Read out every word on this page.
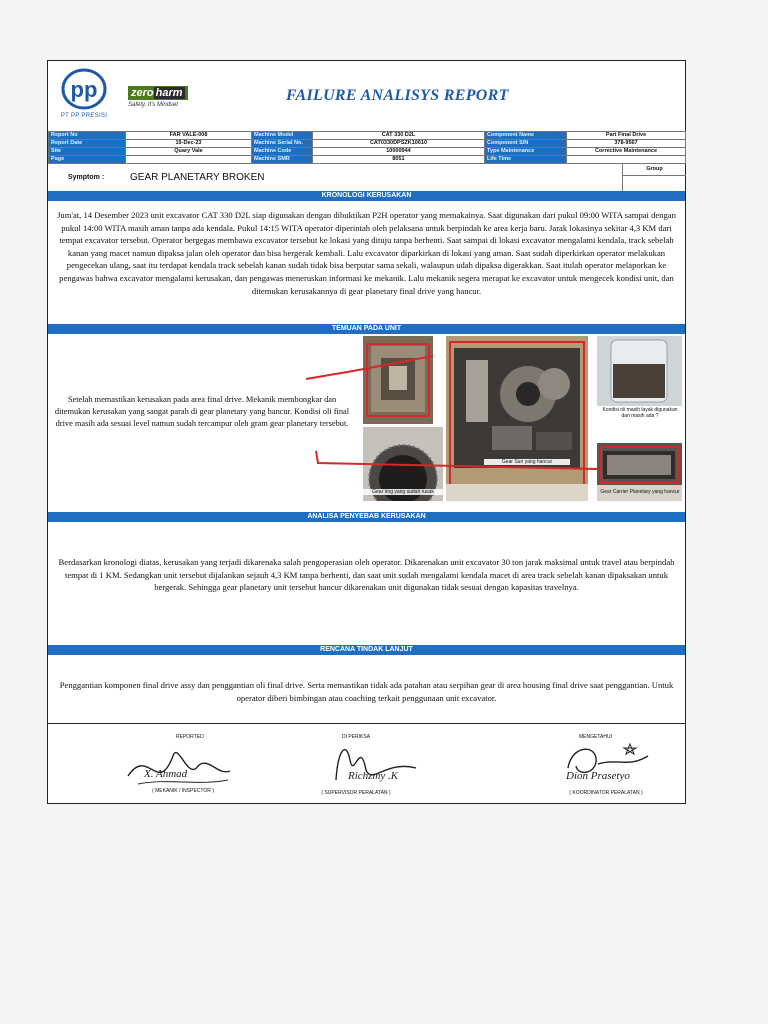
pp
PT PP PRESISI
zero harm
Safety, It's Mindset
FAILURE ANALISYS REPORT
Report No	FAR VALE-008	Machine Model	CAT 330 D2L	Component Name	Part Final Drive
Report Date	19-Dec-23	Machine Serial No.	CAT0330DPSZK10610	Component S/N	378-9567
Site	Quary Vale	Machine Code	10000944	Type Maintenance	Corrective Maintenance
Page		Machine SMR	8051	Life Time	
Symptom :	GEAR PLANETARY BROKEN
Group
KRONOLOGI KERUSAKAN
Jum'at, 14 Desember 2023 unit excavator CAT 330 D2L siap digunakan dengan dibuktikan P2H operator yang memakainya. Saat digunakan dari pukul 09:00 WITA sampai dengan pukul 14:00 WITA masih aman tanpa ada kendala. Pukul 14:15 WITA operator diperintah oleh pelaksana untuk berpindah ke area kerja baru. Jarak lokasinya sekitar 4,3 KM dari tempat excavator tersebut. Operator bergegas membawa excavator tersebut ke lokasi yang dituju tanpa berhenti. Saat sampai di lokasi excavator mengalami kendala, track sebelah kanan yang macet namun dipaksa jalan oleh operator dan bisa bergerak kembali. Lalu excavator diparkirkan di lokasi yang aman. Saat sudah diperkirkan operator melakukan pengecekan ulang, saat itu terdapat kendala track sebelah kanan sudah tidak bisa berputar sama sekali, walaupun udah dipaksa digerakkan. Saat itulah operator melaporkan ke pengawas bahwa excavator mengalami kerusakan, dan pengawas meneruskan informasi ke mekanik. Lalu mekanik segera merapat ke excavator untuk mengecek kondisi unit, dan ditemukan kerusakannya di gear planetary final drive yang hancur.
TEMUAN PADA UNIT
Setelah memastikan kerusakan pada area final drive. Mekanik membongkar dan ditemukan kerusakan yang sangat parah di gear planetary yang hancur. Kondisi oli final drive masih ada sesuai level namun sudah tercampur oleh gram gear planetary tersebut.
Gear ring yang sudah rusak
Gear Sun yang hancur
Kondisi oli masih layak digunakan dan masih ada ?
Gear Carrier Planetary yang hancur
ANALISA PENYEBAB KERUSAKAN
Berdasarkan kronologi diatas, kerusakan yang terjadi dikarenaka salah pengoperasian oleh operator. Dikarenakan unit excavator 30 ton jarak maksimal untuk travel atau berpindah tempat di 1 KM. Sedangkan unit tersebut dijalankan sejauh 4,3 KM tanpa berhenti, dan saat unit sudah mengalami kendala macet di area track sebelah kanan dipaksakan untuk bergerak. Sehingga gear planetary unit tersebut hancur dikarenakan unit digunakan tidak sesuai dengan kapasitas travelnya.
RENCANA TINDAK LANJUT
Penggantian komponen final drive assy dan penggantian oli final drive. Serta memastikan tidak ada patahan atau serpihan gear di area housing final drive saat penggantian. Untuk operator diberi bimbingan atau coaching terkait penggunaan unit excavator.
REPORTED
X. Ahmad
( MEKANIK / INSPECTOR )
DI PERIKSA
Richzmy .K
( SUPERVISOR PERALATAN )
MENGETAHUI
Dion Prasetyo
( KOORDINATOR PERALATAN )
